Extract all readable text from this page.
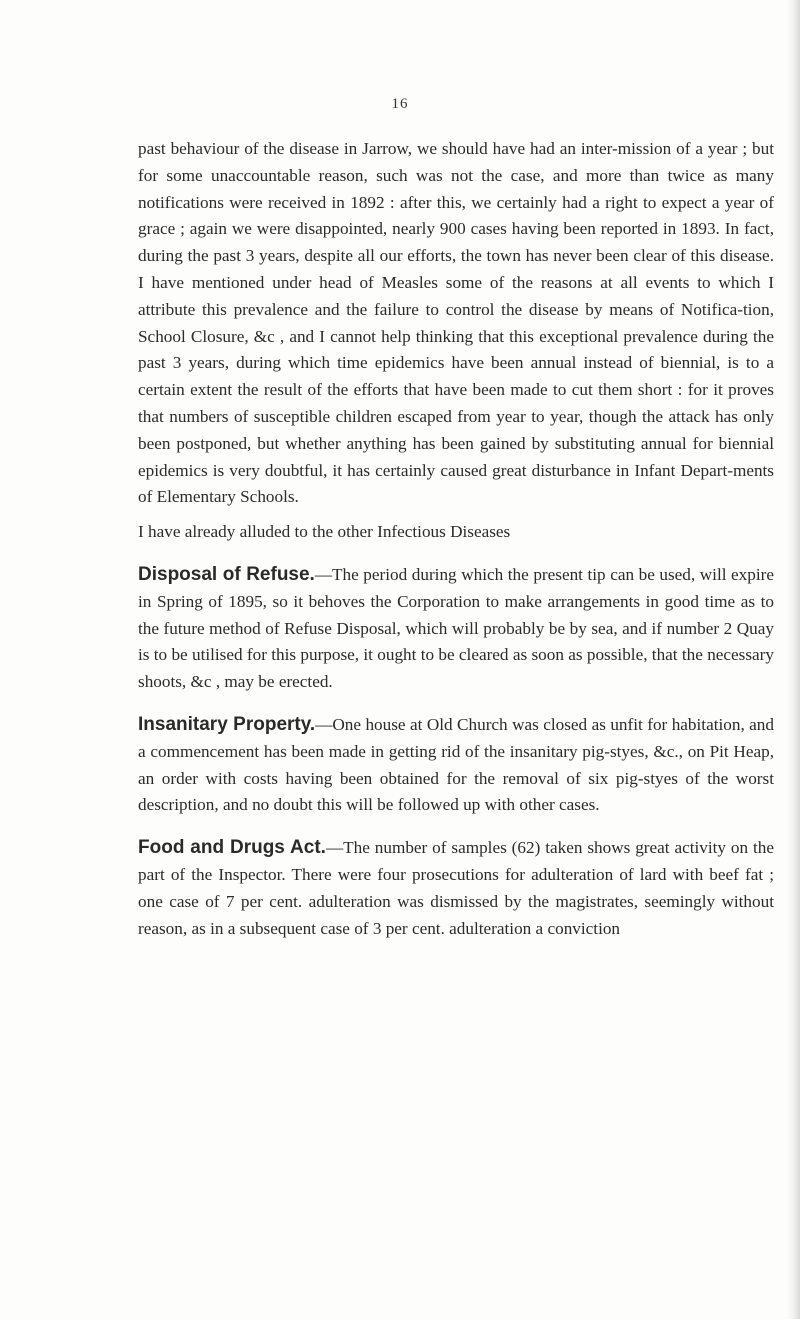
16

past behaviour of the disease in Jarrow, we should have had an inter-mission of a year ; but for some unaccountable reason, such was not the case, and more than twice as many notifications were received in 1892 : after this, we certainly had a right to expect a year of grace ; again we were disappointed, nearly 900 cases having been reported in 1893. In fact, during the past 3 years, despite all our efforts, the town has never been clear of this disease. I have mentioned under head of Measles some of the reasons at all events to which I attribute this prevalence and the failure to control the disease by means of Notifica-tion, School Closure, &c , and I cannot help thinking that this exceptional prevalence during the past 3 years, during which time epidemics have been annual instead of biennial, is to a certain extent the result of the efforts that have been made to cut them short : for it proves that numbers of susceptible children escaped from year to year, though the attack has only been postponed, but whether anything has been gained by substituting annual for biennial epidemics is very doubtful, it has certainly caused great disturbance in Infant Depart-ments of Elementary Schools.

I have already alluded to the other Infectious Diseases

Disposal of Refuse.—The period during which the present tip can be used, will expire in Spring of 1895, so it behoves the Corporation to make arrangements in good time as to the future method of Refuse Disposal, which will probably be by sea, and if number 2 Quay is to be utilised for this purpose, it ought to be cleared as soon as possible, that the necessary shoots, &c , may be erected.

Insanitary Property.—One house at Old Church was closed as unfit for habitation, and a commencement has been made in getting rid of the insanitary pig-styes, &c., on Pit Heap, an order with costs having been obtained for the removal of six pig-styes of the worst description, and no doubt this will be followed up with other cases.

Food and Drugs Act.—The number of samples (62) taken shows great activity on the part of the Inspector. There were four prosecutions for adulteration of lard with beef fat ; one case of 7 per cent. adulteration was dismissed by the magistrates, seemingly without reason, as in a subsequent case of 3 per cent. adulteration a conviction
